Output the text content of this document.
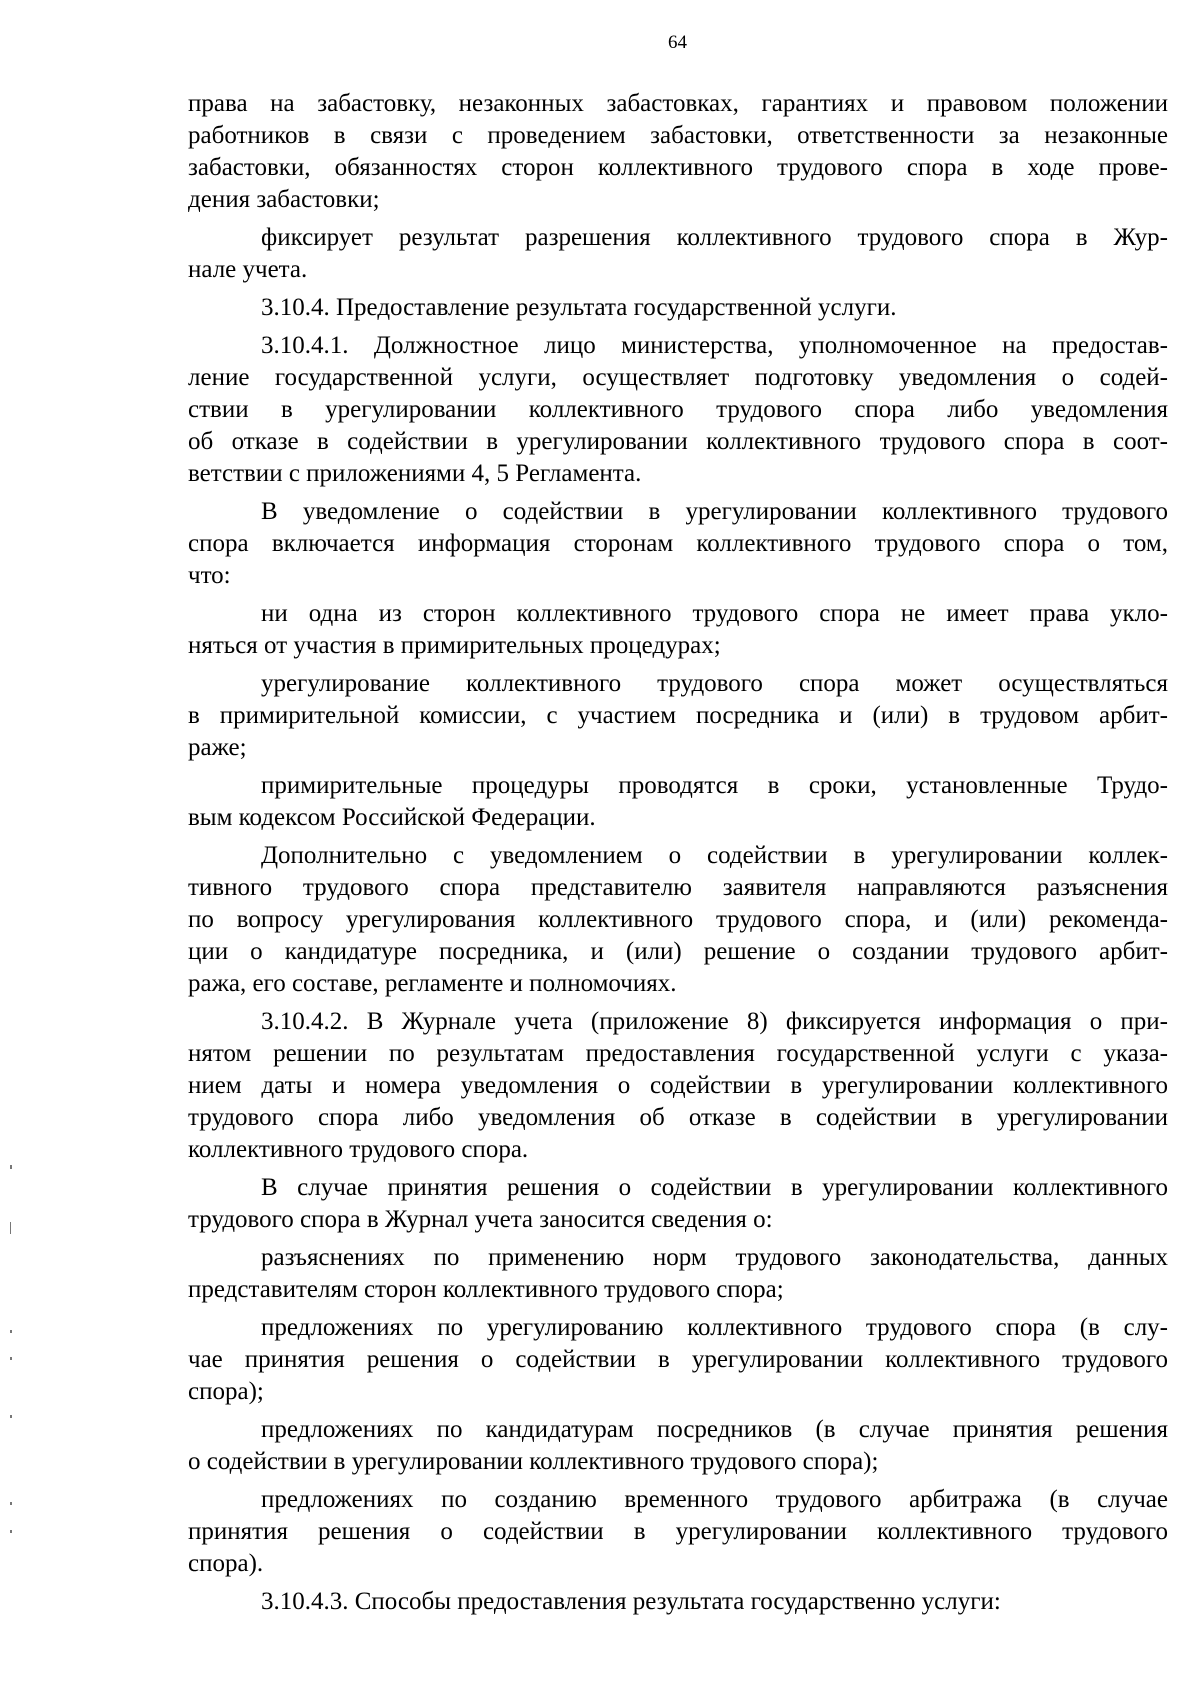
64
права на забастовку, незаконных забастовках, гарантиях и правовом положении
работников в связи с проведением забастовки, ответственности за незаконные
забастовки, обязанностях сторон коллективного трудового спора в ходе прове-
дения забастовки;
фиксирует результат разрешения коллективного трудового спора в Жур-
нале учета.
3.10.4. Предоставление результата государственной услуги.
3.10.4.1. Должностное лицо министерства, уполномоченное на предостав-
ление государственной услуги, осуществляет подготовку уведомления о содей-
ствии в урегулировании коллективного трудового спора либо уведомления
об отказе в содействии в урегулировании коллективного трудового спора в соот-
ветствии с приложениями 4, 5 Регламента.
В уведомление о содействии в урегулировании коллективного трудового
спора включается информация сторонам коллективного трудового спора о том,
что:
ни одна из сторон коллективного трудового спора не имеет права укло-
няться от участия в примирительных процедурах;
урегулирование коллективного трудового спора может осуществляться
в примирительной комиссии, с участием посредника и (или) в трудовом арбит-
раже;
примирительные процедуры проводятся в сроки, установленные Трудо-
вым кодексом Российской Федерации.
Дополнительно с уведомлением о содействии в урегулировании коллек-
тивного трудового спора представителю заявителя направляются разъяснения
по вопросу урегулирования коллективного трудового спора, и (или) рекоменда-
ции о кандидатуре посредника, и (или) решение о создании трудового арбит-
ража, его составе, регламенте и полномочиях.
3.10.4.2. В Журнале учета (приложение 8) фиксируется информация о при-
нятом решении по результатам предоставления государственной услуги с указа-
нием даты и номера уведомления о содействии в урегулировании коллективного
трудового спора либо уведомления об отказе в содействии в урегулировании
коллективного трудового спора.
В случае принятия решения о содействии в урегулировании коллективного
трудового спора в Журнал учета заносится сведения о:
разъяснениях по применению норм трудового законодательства, данных
представителям сторон коллективного трудового спора;
предложениях по урегулированию коллективного трудового спора (в слу-
чае принятия решения о содействии в урегулировании коллективного трудового
спора);
предложениях по кандидатурам посредников (в случае принятия решения
о содействии в урегулировании коллективного трудового спора);
предложениях по созданию временного трудового арбитража (в случае
принятия решения о содействии в урегулировании коллективного трудового
спора).
3.10.4.3. Способы предоставления результата государственно услуги:
